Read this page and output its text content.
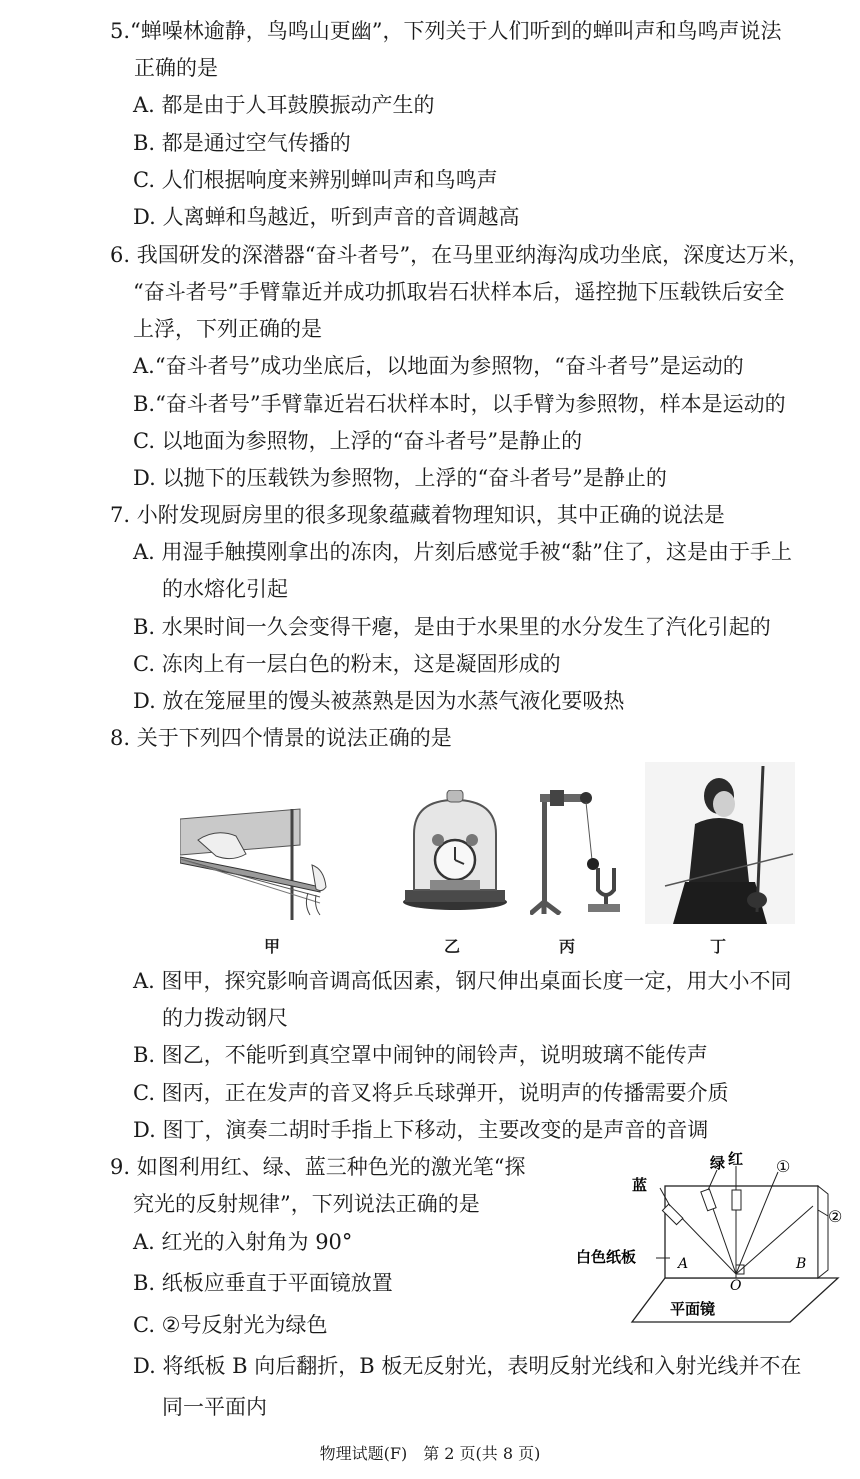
5.“蝉噪林逾静，鸟鸣山更幽”，下列关于人们听到的蝉叫声和鸟鸣声说法
正确的是
A. 都是由于人耳鼓膜振动产生的
B. 都是通过空气传播的
C. 人们根据响度来辨别蝉叫声和鸟鸣声
D. 人离蝉和鸟越近，听到声音的音调越高
6. 我国研发的深潜器“奋斗者号”，在马里亚纳海沟成功坐底，深度达万米，
“奋斗者号”手臂靠近并成功抓取岩石状样本后，遥控抛下压载铁后安全
上浮，下列正确的是
A.“奋斗者号”成功坐底后，以地面为参照物，“奋斗者号”是运动的
B.“奋斗者号”手臂靠近岩石状样本时，以手臂为参照物，样本是运动的
C. 以地面为参照物，上浮的“奋斗者号”是静止的
D. 以抛下的压载铁为参照物，上浮的“奋斗者号”是静止的
7. 小附发现厨房里的很多现象蕴藏着物理知识，其中正确的说法是
A. 用湿手触摸刚拿出的冻肉，片刻后感觉手被“黏”住了，这是由于手上
的水熔化引起
B. 水果时间一久会变得干瘪，是由于水果里的水分发生了汽化引起的
C. 冻肉上有一层白色的粉末，这是凝固形成的
D. 放在笼屉里的馒头被蒸熟是因为水蒸气液化要吸热
8. 关于下列四个情景的说法正确的是
甲	乙	丙	丁
A. 图甲，探究影响音调高低因素，钢尺伸出桌面长度一定，用大小不同
的力拨动钢尺
B. 图乙，不能听到真空罩中闹钟的闹铃声，说明玻璃不能传声
C. 图丙，正在发声的音叉将乒乓球弹开，说明声的传播需要介质
D. 图丁，演奏二胡时手指上下移动，主要改变的是声音的音调
9. 如图利用红、绿、蓝三种色光的激光笔“探
究光的反射规律”，下列说法正确的是
A. 红光的入射角为 90°
B. 纸板应垂直于平面镜放置
C. ②号反射光为绿色
D. 将纸板 B 向后翻折，B 板无反射光，表明反射光线和入射光线并不在
同一平面内
绿 红
蓝
①
②
白色纸板	A	B
O
平面镜
物理试题(F)　第 2 页(共 8 页)
